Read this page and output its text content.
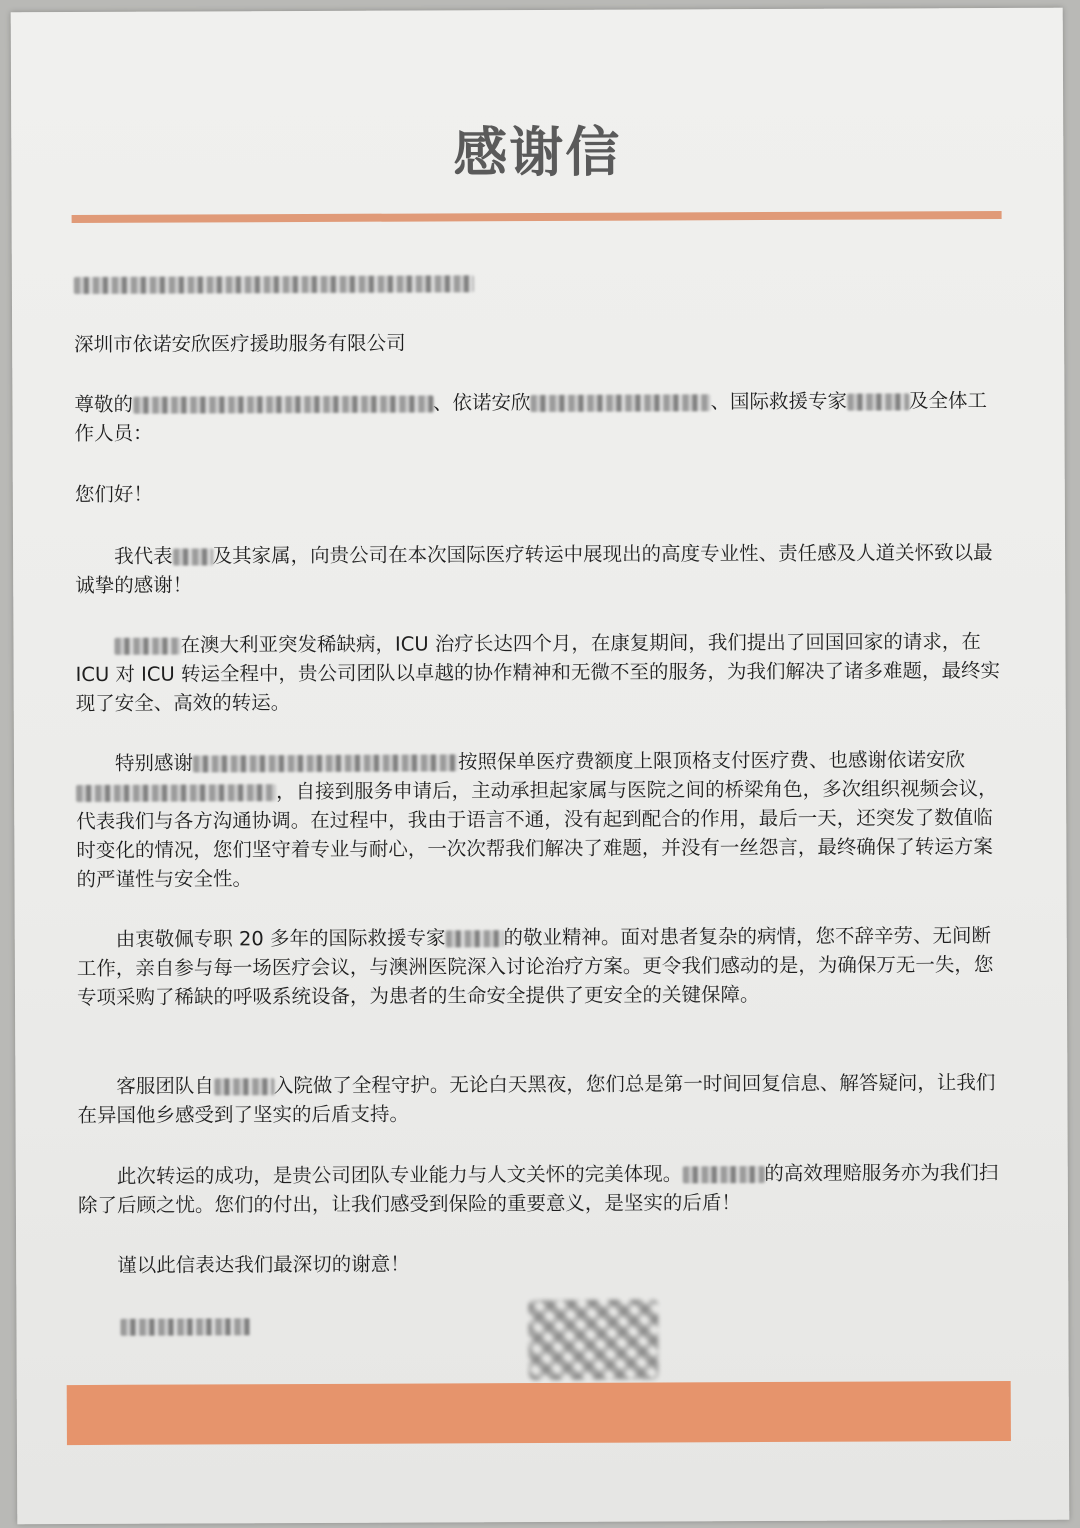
感谢信
深圳市依诺安欣医疗援助服务有限公司
尊敬的	、依诺安欣	、国际救援专家	及全体工作人员：
您们好！
我代表 及其家属，向贵公司在本次国际医疗转运中展现出的高度专业性、责任感及人道关怀致以最诚挚的感谢！
在澳大利亚突发稀缺病，ICU 治疗长达四个月，在康复期间，我们提出了回国回家的请求，在 ICU 对 ICU 转运全程中，贵公司团队以卓越的协作精神和无微不至的服务，为我们解决了诸多难题，最终实现了安全、高效的转运。
特别感谢	按照保单医疗费额度上限顶格支付医疗费、也感谢依诺安欣，自接到服务申请后，主动承担起家属与医院之间的桥梁角色，多次组织视频会议，代表我们与各方沟通协调。在过程中，我由于语言不通，没有起到配合的作用，最后一天，还突发了数值临时变化的情况，您们坚守着专业与耐心，一次次帮我们解决了难题，并没有一丝怨言，最终确保了转运方案的严谨性与安全性。
由衷敬佩专职 20 多年的国际救援专家	的敬业精神。面对患者复杂的病情，您不辞辛劳、无间断工作，亲自参与每一场医疗会议，与澳洲医院深入讨论治疗方案。更令我们感动的是，为确保万无一失，您专项采购了稀缺的呼吸系统设备，为患者的生命安全提供了更安全的关键保障。
客服团队自	入院做了全程守护。无论白天黑夜，您们总是第一时间回复信息、解答疑问，让我们在异国他乡感受到了坚实的后盾支持。
此次转运的成功，是贵公司团队专业能力与人文关怀的完美体现。	的高效理赔服务亦为我们扫除了后顾之忧。您们的付出，让我们感受到保险的重要意义，是坚实的后盾！
谨以此信表达我们最深切的谢意！
